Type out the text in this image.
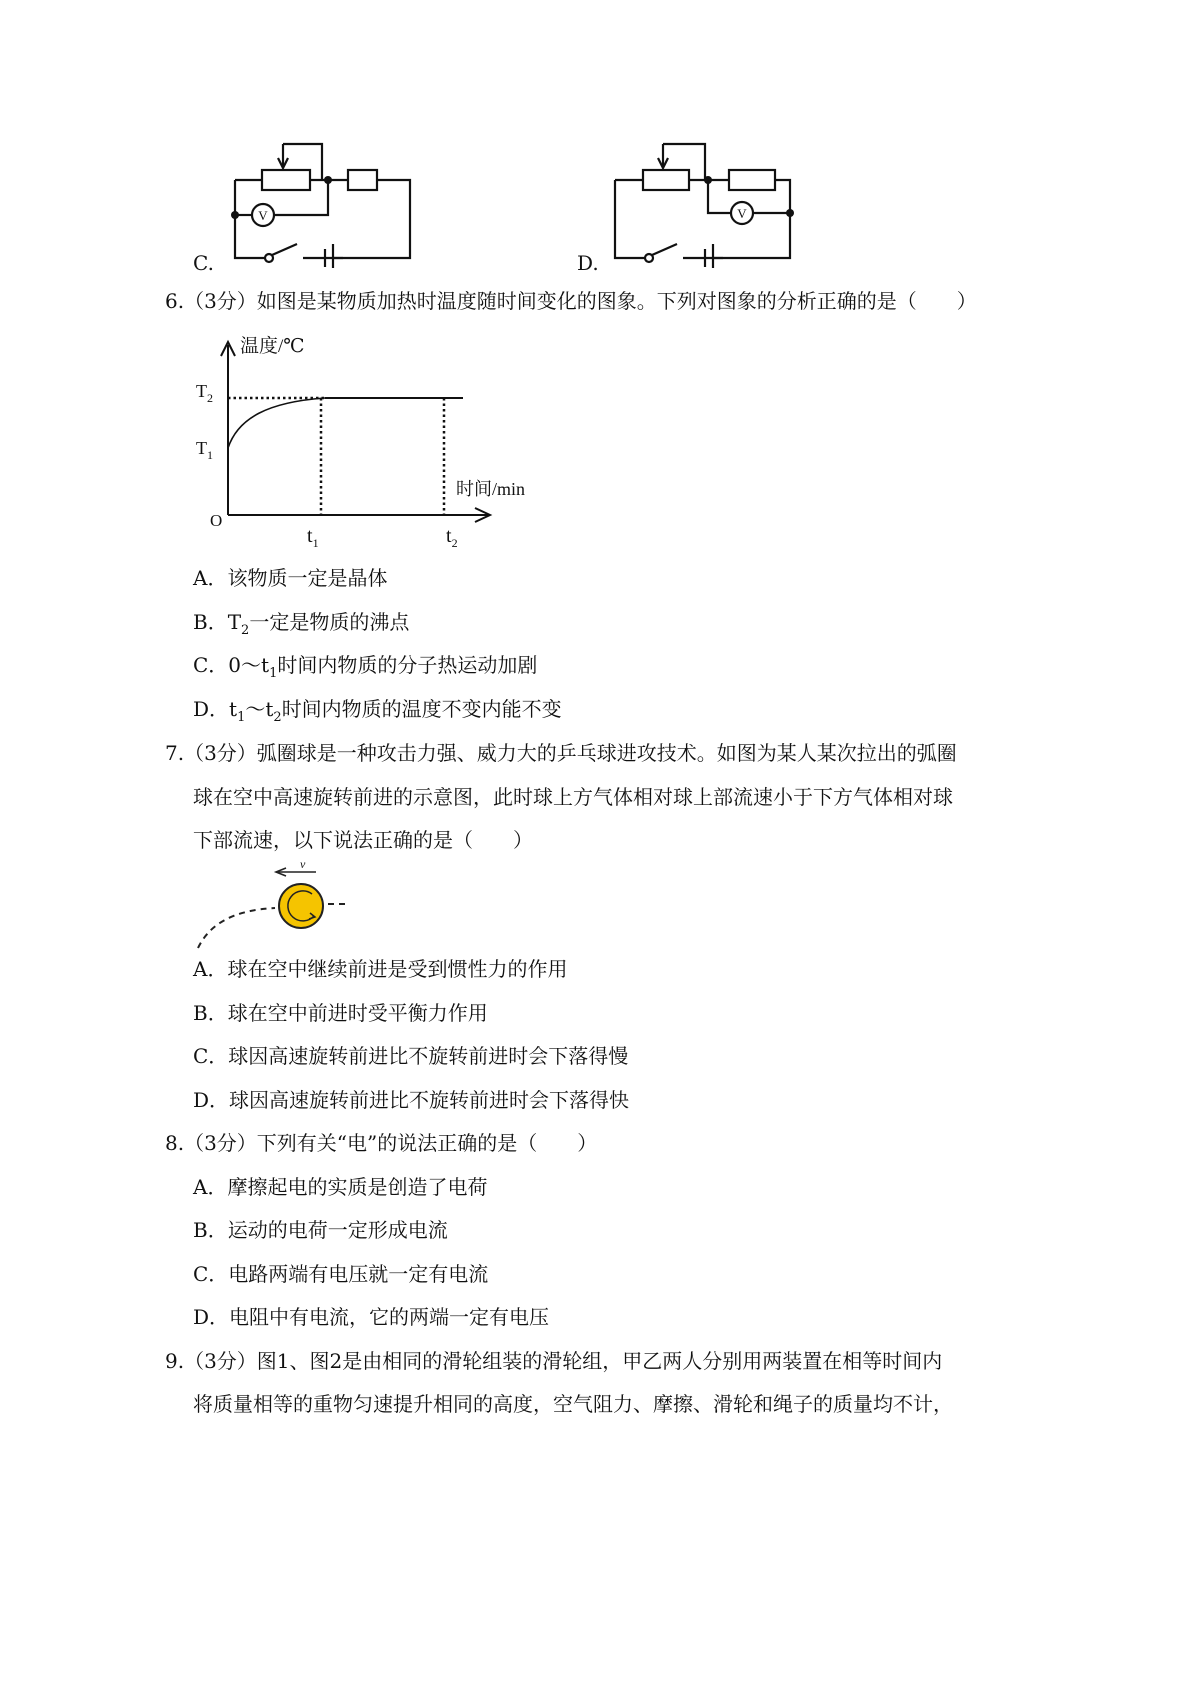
C.
V
D.
V
6.（3分）如图是某物质加热时温度随时间变化的图象。下列对图象的分析正确的是（　　）
温度/℃
时间/min
O
$T_2$
$T_1$
$t_1$	$t_2$
A．该物质一定是晶体
B．$T_2$一定是物质的沸点
C．$0\sim t_1$时间内物质的分子热运动加剧
D．$t_1\sim t_2$时间内物质的温度不变内能不变
7.（3分）弧圈球是一种攻击力强、威力大的乒乓球进攻技术。如图为某人某次拉出的弧圈
球在空中高速旋转前进的示意图，此时球上方气体相对球上部流速小于下方气体相对球
下部流速，以下说法正确的是（　　）
v
A．球在空中继续前进是受到惯性力的作用
B．球在空中前进时受平衡力作用
C．球因高速旋转前进比不旋转前进时会下落得慢
D．球因高速旋转前进比不旋转前进时会下落得快
8.（3分）下列有关“电”的说法正确的是（　　）
A．摩擦起电的实质是创造了电荷
B．运动的电荷一定形成电流
C．电路两端有电压就一定有电流
D．电阻中有电流，它的两端一定有电压
9.（3分）图1、图2是由相同的滑轮组装的滑轮组，甲乙两人分别用两装置在相等时间内
将质量相等的重物匀速提升相同的高度，空气阻力、摩擦、滑轮和绳子的质量均不计，
